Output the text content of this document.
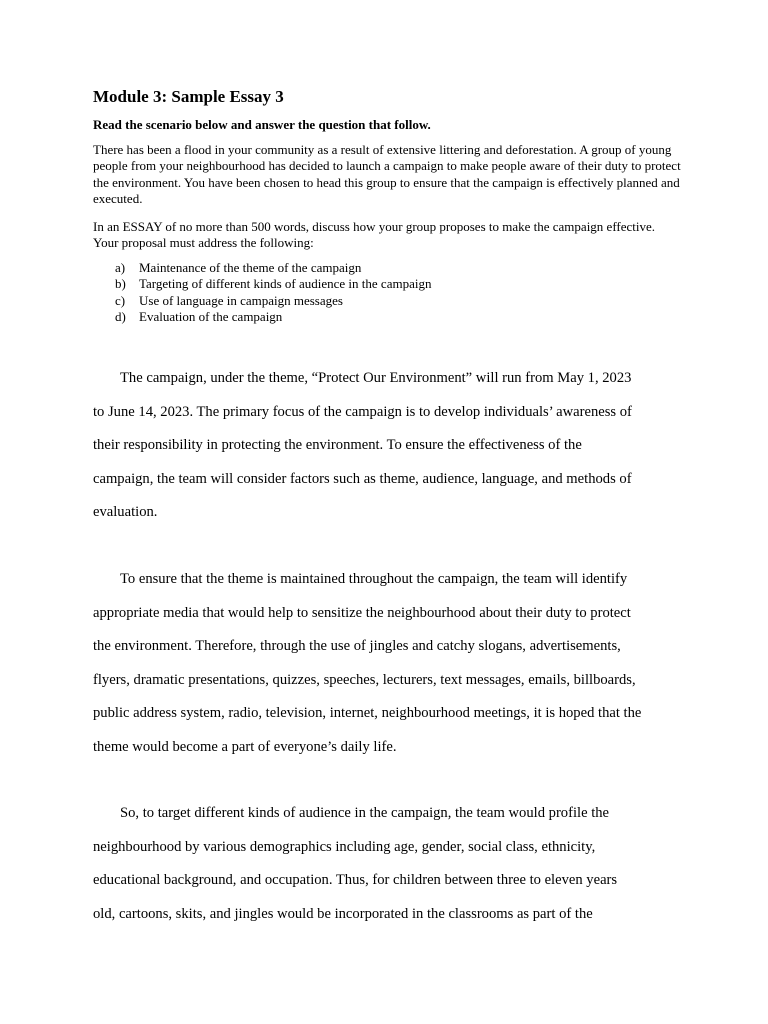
Module 3: Sample Essay 3
Read the scenario below and answer the question that follow.

There has been a flood in your community as a result of extensive littering and deforestation. A group of young people from your neighbourhood has decided to launch a campaign to make people aware of their duty to protect the environment. You have been chosen to head this group to ensure that the campaign is effectively planned and executed.

In an ESSAY of no more than 500 words, discuss how your group proposes to make the campaign effective. Your proposal must address the following:

a)	Maintenance of the theme of the campaign
b)	Targeting of different kinds of audience in the campaign
c)	Use of language in campaign messages
d)	Evaluation of the campaign

The campaign, under the theme, “Protect Our Environment” will run from May 1, 2023
to June 14, 2023. The primary focus of the campaign is to develop individuals’ awareness of
their responsibility in protecting the environment. To ensure the effectiveness of the
campaign, the team will consider factors such as theme, audience, language, and methods of
evaluation.

To ensure that the theme is maintained throughout the campaign, the team will identify
appropriate media that would help to sensitize the neighbourhood about their duty to protect
the environment. Therefore, through the use of jingles and catchy slogans, advertisements,
flyers, dramatic presentations, quizzes, speeches, lecturers, text messages, emails, billboards,
public address system, radio, television, internet, neighbourhood meetings, it is hoped that the
theme would become a part of everyone’s daily life.

So, to target different kinds of audience in the campaign, the team would profile the
neighbourhood by various demographics including age, gender, social class, ethnicity,
educational background, and occupation. Thus, for children between three to eleven years
old, cartoons, skits, and jingles would be incorporated in the classrooms as part of the
